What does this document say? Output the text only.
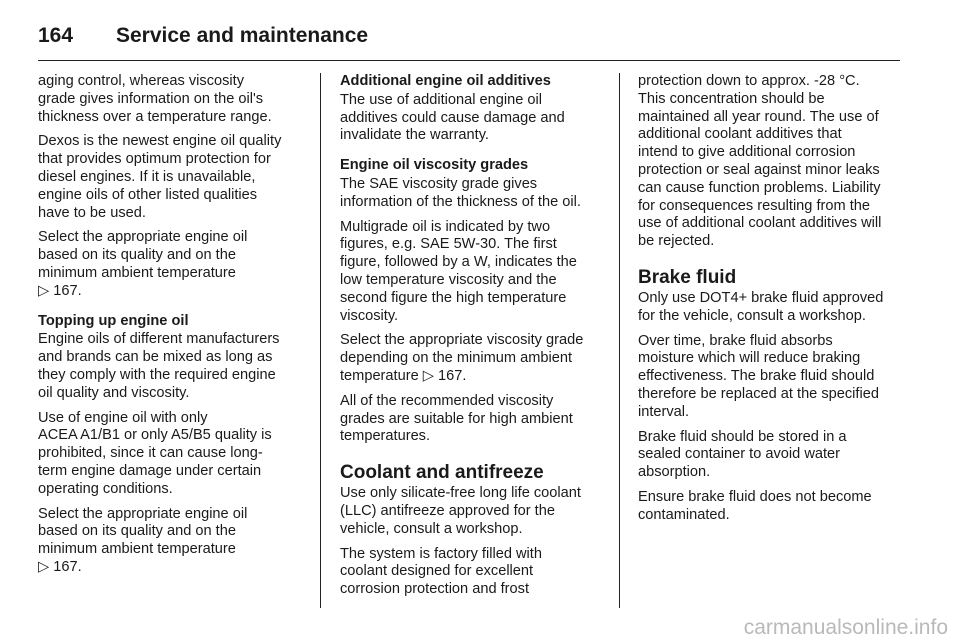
164	Service and maintenance

aging control, whereas viscosity
grade gives information on the oil's
thickness over a temperature range.

Dexos is the newest engine oil quality
that provides optimum protection for
diesel engines. If it is unavailable,
engine oils of other listed qualities
have to be used.

Select the appropriate engine oil
based on its quality and on the
minimum ambient temperature
▷ 167.

Topping up engine oil

Engine oils of different manufacturers
and brands can be mixed as long as
they comply with the required engine
oil quality and viscosity.

Use of engine oil with only
ACEA A1/B1 or only A5/B5 quality is
prohibited, since it can cause long-
term engine damage under certain
operating conditions.

Select the appropriate engine oil
based on its quality and on the
minimum ambient temperature
▷ 167.

Additional engine oil additives

The use of additional engine oil
additives could cause damage and
invalidate the warranty.

Engine oil viscosity grades

The SAE viscosity grade gives
information of the thickness of the oil.

Multigrade oil is indicated by two
figures, e.g. SAE 5W-30. The first
figure, followed by a W, indicates the
low temperature viscosity and the
second figure the high temperature
viscosity.

Select the appropriate viscosity grade
depending on the minimum ambient
temperature ▷ 167.

All of the recommended viscosity
grades are suitable for high ambient
temperatures.

Coolant and antifreeze

Use only silicate-free long life coolant
(LLC) antifreeze approved for the
vehicle, consult a workshop.

The system is factory filled with
coolant designed for excellent
corrosion protection and frost

protection down to approx. -28 °C.
This concentration should be
maintained all year round. The use of
additional coolant additives that
intend to give additional corrosion
protection or seal against minor leaks
can cause function problems. Liability
for consequences resulting from the
use of additional coolant additives will
be rejected.

Brake fluid

Only use DOT4+ brake fluid approved
for the vehicle, consult a workshop.

Over time, brake fluid absorbs
moisture which will reduce braking
effectiveness. The brake fluid should
therefore be replaced at the specified
interval.

Brake fluid should be stored in a
sealed container to avoid water
absorption.

Ensure brake fluid does not become
contaminated.

carmanualsonline.info
